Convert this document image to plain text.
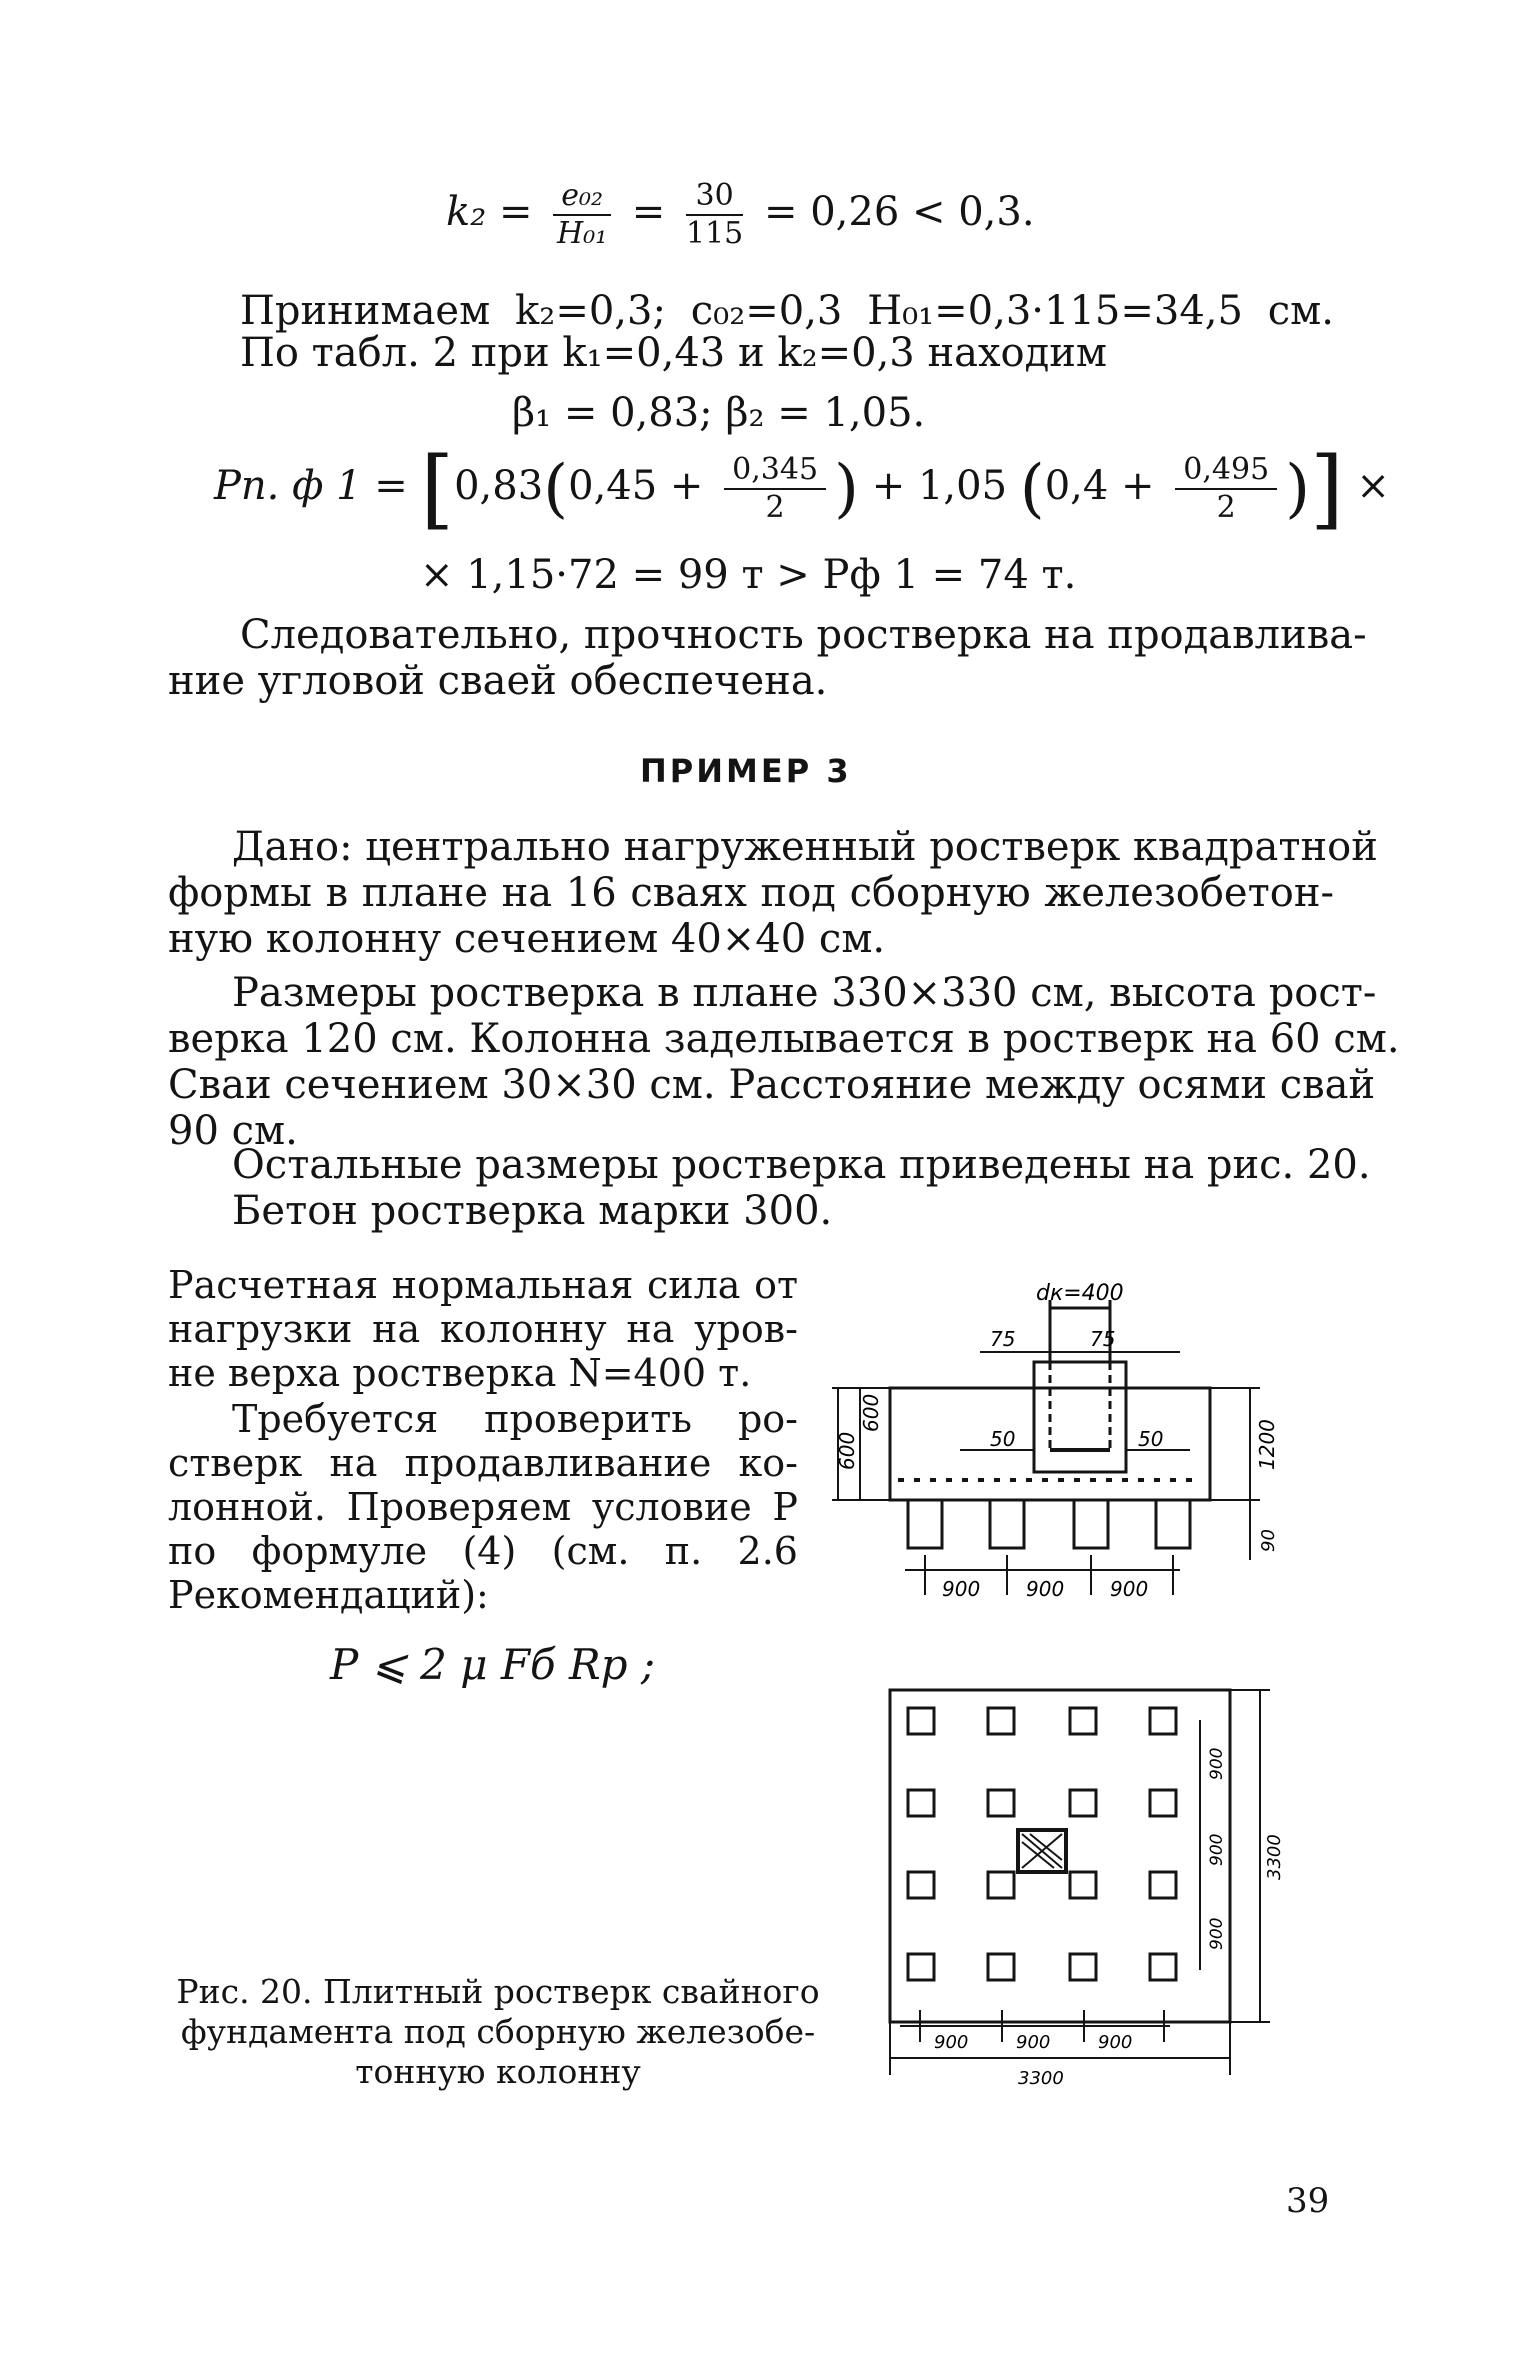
$k_2 = \frac{\text{e₀₂}}{\text{H₀₁}} = \frac{30}{115} = 0,26 < 0,3$.
Принимаем k₂=0,3; c₀₂=0,3 H₀₁=0,3·115=34,5 см.
По табл. 2 при k₁=0,43 и k₂=0,3 находим
β₁ = 0,83; β₂ = 1,05.
Pп. ф $1 = [0,83(0,45 + \frac{0,345}{2}$ ) + 1,05 ($0,4 + \frac{0,495}{2}$ )] ×
× 1,15·72 = 99 т > Pф 1 = 74 т.
Следовательно, прочность ростверка на продавлива-
ние угловой сваей обеспечена.
ПРИМЕР 3
Дано: центрально нагруженный ростверк квадратной
формы в плане на 16 сваях под сборную железобетон-
ную колонну сечением 40×40 см.
Размеры ростверка в плане 330×330 см, высота рост-
верка 120 см. Колонна заделывается в ростверк на 60 см.
Сваи сечением 30×30 см. Расстояние между осями свай
90 см.
Остальные размеры ростверка приведены на рис. 20.
Бетон ростверка марки 300.
Расчетная нормальная сила от
нагрузки на колонну на уров-
не верха ростверка N=400 т.
Требуется проверить ро-
стверк на продавливание ко-
лонной. Проверяем условие P
по формуле (4) (см. п. 2.6
Рекомендаций):
P ⩽ 2 μ Fб Rр ;
dк=400
75	75
50	50
600
600
1200
90
900 900 900
900
900
900
3300
900	900	900
3300
Рис. 20. Плитный ростверк свайного
фундамента под сборную железобе-
тонную колонну
39
